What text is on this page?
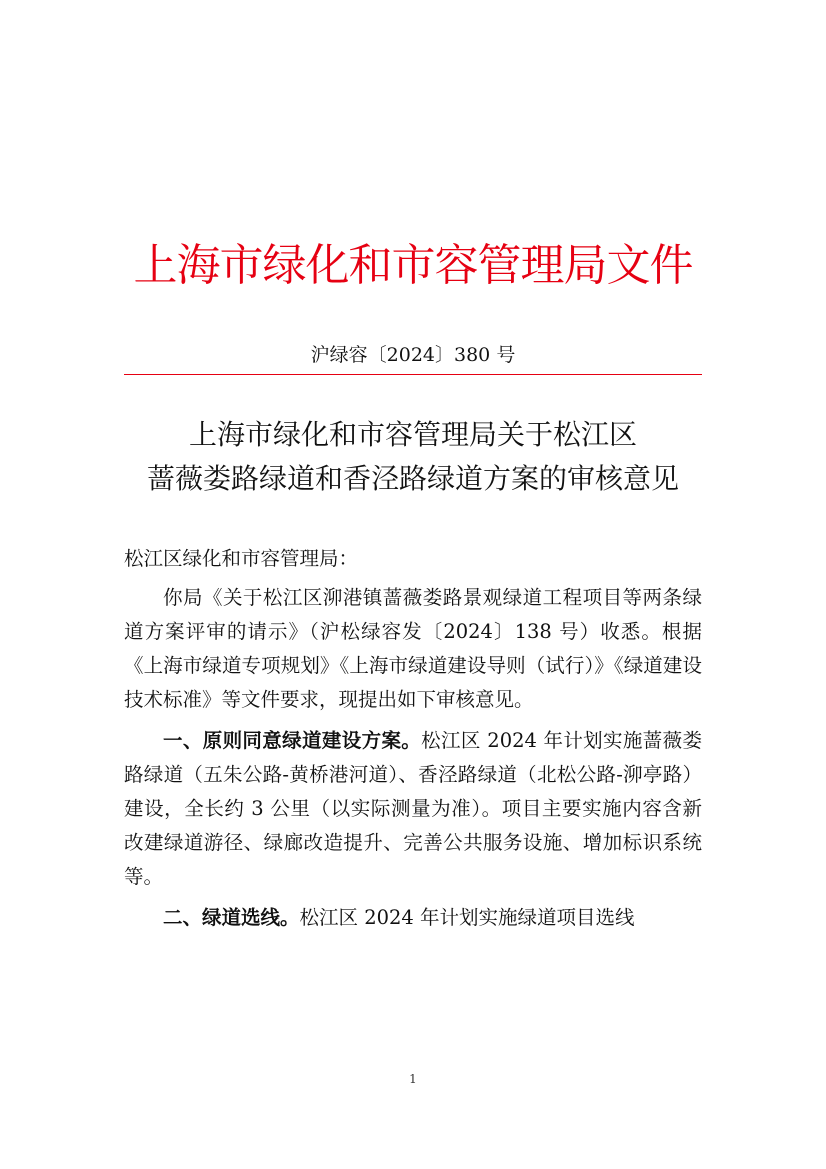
上海市绿化和市容管理局文件
沪绿容〔2024〕380 号
上海市绿化和市容管理局关于松江区
蔷薇娄路绿道和香泾路绿道方案的审核意见

松江区绿化和市容管理局：

你局《关于松江区泖港镇蔷薇娄路景观绿道工程项目等两条绿道方案评审的请示》（沪松绿容发〔2024〕138 号）收悉。根据《上海市绿道专项规划》《上海市绿道建设导则（试行）》《绿道建设技术标准》等文件要求，现提出如下审核意见。

一、原则同意绿道建设方案。松江区 2024 年计划实施蔷薇娄路绿道（五朱公路-黄桥港河道）、香泾路绿道（北松公路-泖亭路）建设，全长约 3 公里（以实际测量为准）。项目主要实施内容含新改建绿道游径、绿廊改造提升、完善公共服务设施、增加标识系统等。

二、绿道选线。松江区 2024 年计划实施绿道项目选线

1
